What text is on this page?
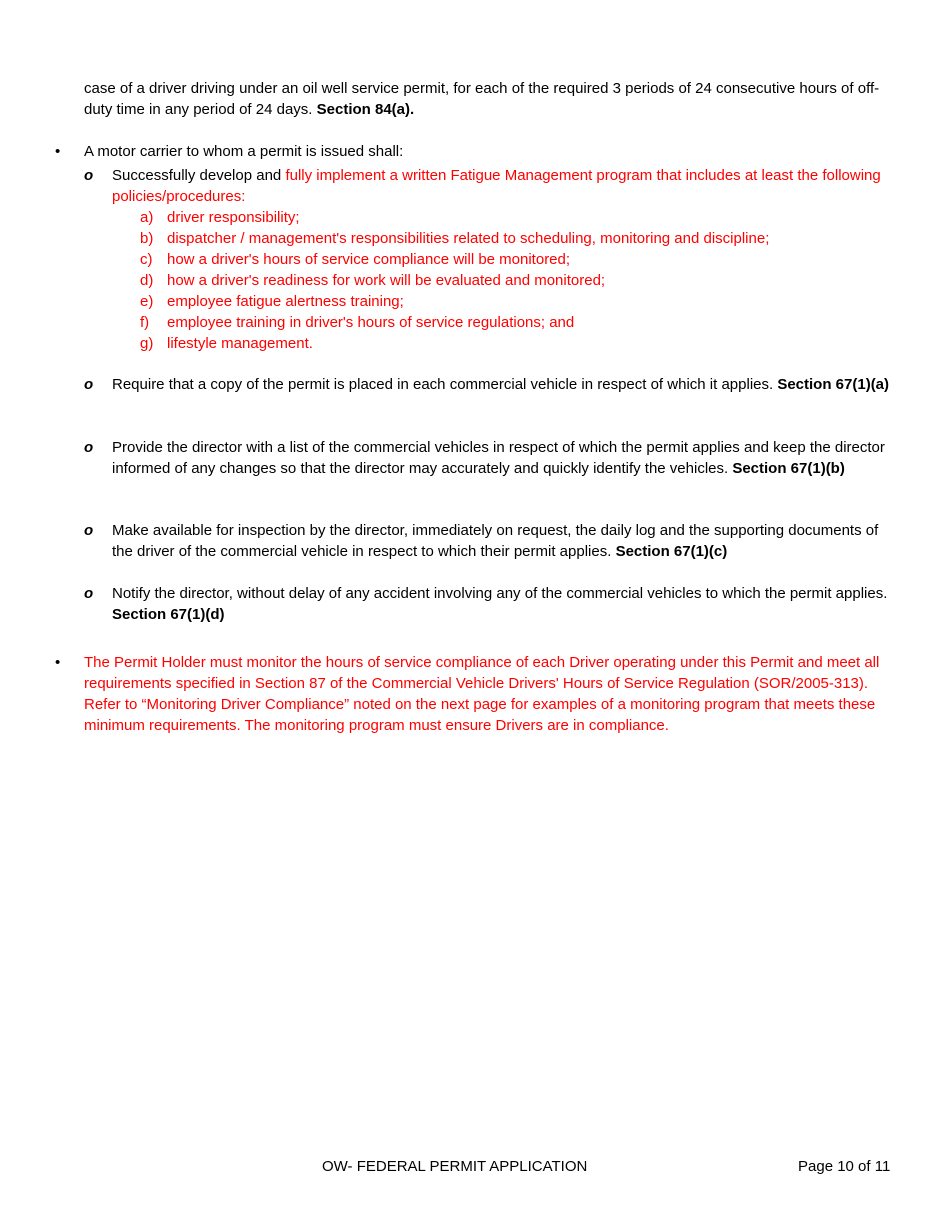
case of a driver driving under an oil well service permit, for each of the required 3 periods of 24 consecutive hours of off-duty time in any period of 24 days. Section 84(a).
•	A motor carrier to whom a permit is issued shall:
o	Successfully develop and fully implement a written Fatigue Management program that includes at least the following policies/procedures:
a) driver responsibility;
b) dispatcher / management's responsibilities related to scheduling, monitoring and discipline;
c) how a driver's hours of service compliance will be monitored;
d) how a driver's readiness for work will be evaluated and monitored;
e) employee fatigue alertness training;
f) employee training in driver's hours of service regulations; and
g) lifestyle management.
o	Require that a copy of the permit is placed in each commercial vehicle in respect of which it applies. Section 67(1)(a)
o	Provide the director with a list of the commercial vehicles in respect of which the permit applies and keep the director informed of any changes so that the director may accurately and quickly identify the vehicles. Section 67(1)(b)
o	Make available for inspection by the director, immediately on request, the daily log and the supporting documents of the driver of the commercial vehicle in respect to which their permit applies. Section 67(1)(c)
o	Notify the director, without delay of any accident involving any of the commercial vehicles to which the permit applies. Section 67(1)(d)
•	The Permit Holder must monitor the hours of service compliance of each Driver operating under this Permit and meet all requirements specified in Section 87 of the Commercial Vehicle Drivers' Hours of Service Regulation (SOR/2005-313). Refer to “Monitoring Driver Compliance” noted on the next page for examples of a monitoring program that meets these minimum requirements. The monitoring program must ensure Drivers are in compliance.
OW- FEDERAL PERMIT APPLICATION	Page 10 of 11
